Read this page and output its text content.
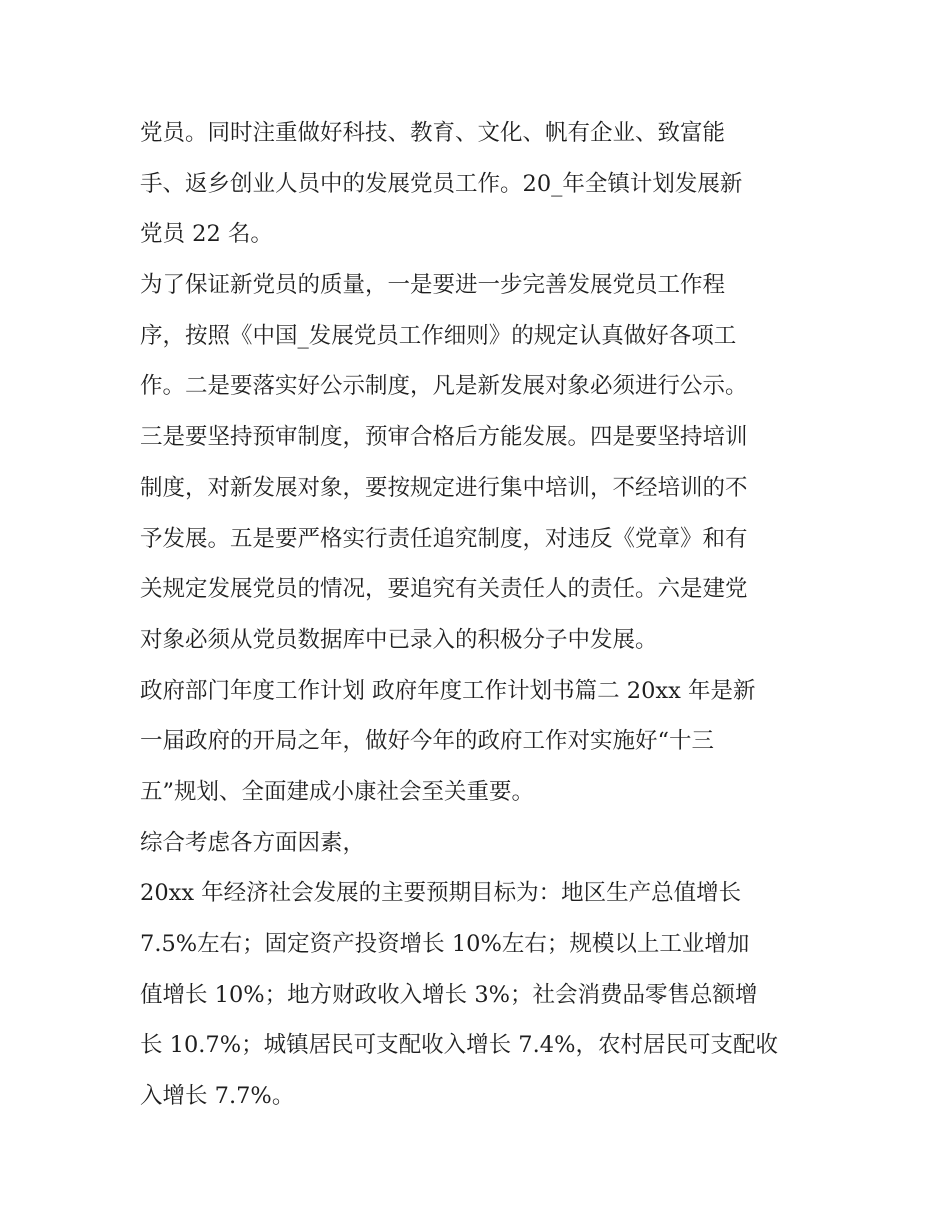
党员。同时注重做好科技、教育、文化、帆有企业、致富能
手、返乡创业人员中的发展党员工作。20_年全镇计划发展新
党员 22 名。

为了保证新党员的质量，一是要进一步完善发展党员工作程
序，按照《中国_发展党员工作细则》的规定认真做好各项工
作。二是要落实好公示制度，凡是新发展对象必须进行公示。
三是要坚持预审制度，预审合格后方能发展。四是要坚持培训
制度，对新发展对象，要按规定进行集中培训，不经培训的不
予发展。五是要严格实行责任追究制度，对违反《党章》和有
关规定发展党员的情况，要追究有关责任人的责任。六是建党
对象必须从党员数据库中已录入的积极分子中发展。

政府部门年度工作计划 政府年度工作计划书篇二 20xx 年是新
一届政府的开局之年，做好今年的政府工作对实施好“十三
五”规划、全面建成小康社会至关重要。

综合考虑各方面因素，

20xx 年经济社会发展的主要预期目标为：地区生产总值增长
7.5%左右；固定资产投资增长 10%左右；规模以上工业增加
值增长 10%；地方财政收入增长 3%；社会消费品零售总额增
长 10.7%；城镇居民可支配收入增长 7.4%，农村居民可支配收
入增长 7.7%。
